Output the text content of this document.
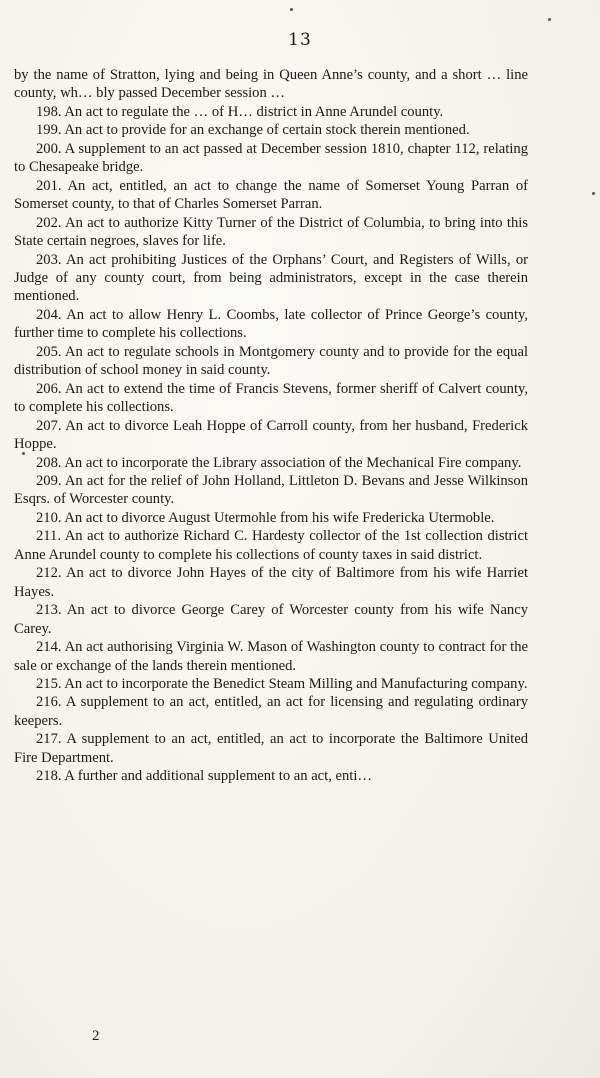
13

by the name of Stratton, lying and being in Queen Anne’s county, and a short … line county, wh… bly passed December session …

198. An act to regulate the … of H… district in Anne Arundel county.

199. An act to provide for an exchange of certain stock therein mentioned.

200. A supplement to an act passed at December session 1810, chapter 112, relating to Chesapeake bridge.

201. An act, entitled, an act to change the name of Somerset Young Parran of Somerset county, to that of Charles Somerset Parran.

202. An act to authorize Kitty Turner of the District of Columbia, to bring into this State certain negroes, slaves for life.

203. An act prohibiting Justices of the Orphans’ Court, and Registers of Wills, or Judge of any county court, from being administrators, except in the case therein mentioned.

204. An act to allow Henry L. Coombs, late collector of Prince George’s county, further time to complete his collections.

205. An act to regulate schools in Montgomery county and to provide for the equal distribution of school money in said county.

206. An act to extend the time of Francis Stevens, former sheriff of Calvert county, to complete his collections.

207. An act to divorce Leah Hoppe of Carroll county, from her husband, Frederick Hoppe.

208. An act to incorporate the Library association of the Mechanical Fire company.

209. An act for the relief of John Holland, Littleton D. Bevans and Jesse Wilkinson Esqrs. of Worcester county.

210. An act to divorce August Utermohle from his wife Fredericka Utermoble.

211. An act to authorize Richard C. Hardesty collector of the 1st collection district Anne Arundel county to complete his collections of county taxes in said district.

212. An act to divorce John Hayes of the city of Baltimore from his wife Harriet Hayes.

213. An act to divorce George Carey of Worcester county from his wife Nancy Carey.

214. An act authorising Virginia W. Mason of Washington county to contract for the sale or exchange of the lands therein mentioned.

215. An act to incorporate the Benedict Steam Milling and Manufacturing company.

216. A supplement to an act, entitled, an act for licensing and regulating ordinary keepers.

217. A supplement to an act, entitled, an act to incorporate the Baltimore United Fire Department.

218. A further and additional supplement to an act, enti…

2
